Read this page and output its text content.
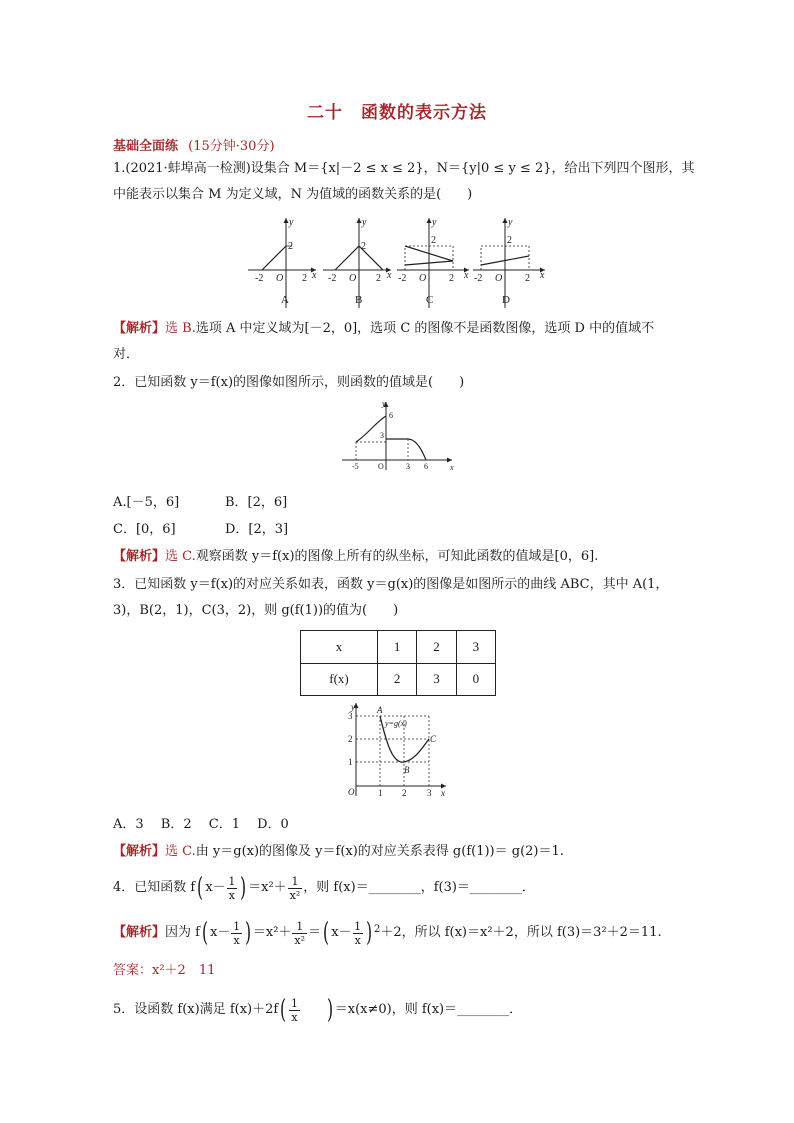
二十　函数的表示方法
基础全面练 (15分钟·30分)
1.(2021·蚌埠高一检测)设集合 M＝{x|－2 ≤ x ≤ 2}，N＝{y|0 ≤ y ≤ 2}，给出下列四个图形，其
中能表示以集合 M 为定义域，N 为值域的函数关系的是(　　)
-2 O 2
2
x
y
A
-2 O 2
2
x
y
B
-2 O 2
2
x
y
C
-2 O 2
2
x
y
D
【解析】选 B.选项 A 中定义域为[－2，0]，选项 C 的图像不是函数图像，选项 D 中的值域不
对．
2．已知函数 y＝f(x)的图像如图所示，则函数的值域是(　　)
y
x
6
3
-5 O	3 6
A.[－5，6]	B．[2，6]
C．[0，6]	D．[2，3]
【解析】选 C.观察函数 y＝f(x)的图像上所有的纵坐标，可知此函数的值域是[0，6].
3．已知函数 y＝f(x)的对应关系如表，函数 y＝g(x)的图像是如图所示的曲线 ABC，其中 A(1，
3)，B(2，1)，C(3，2)，则 g(f(1))的值为(　　)
x	1	2	3
f(x)	2	3	0
y
x
O
3
2
1
1 2 3
A
B
C
y=g(x)
A．3　 B．2　 C．1　 D．0
【解析】选 C.由 y＝g(x)的图像及 y＝f(x)的对应关系表得 g(f(1))＝ g(2)＝1.
4．已知函数 f ( $x - \frac{1}{x}$ ) $=x^2+ \frac{1}{\text{x²}}$ ，则 f(x)＝________，f(3)＝________．
【解析】 因为 f ( $x - \frac{1}{x}$ ) $=x^2+ \frac{1}{\text{x²}}$ ＝ ( $x - \frac{1}{x} )^2 +2$，所以 f(x)＝x²＋2，所以 f(3)＝3²＋2＝11.
答案：x²＋2　11
5．设函数 f(x)满足 f(x)＋2f ( $\frac{1}{x}$ ) ＝x(x≠0)，则 f(x)＝________．
